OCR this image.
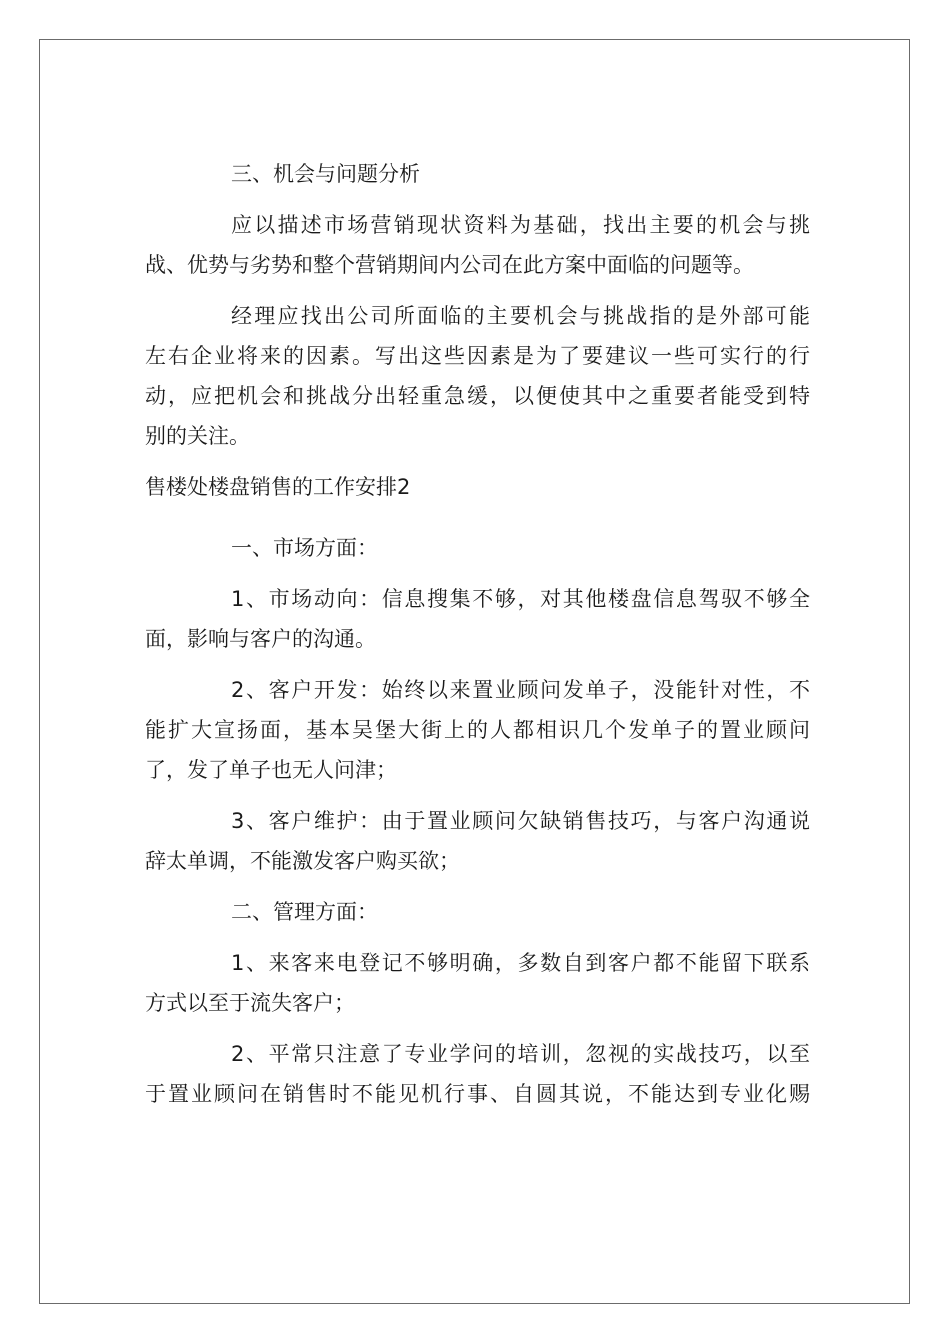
三、机会与问题分析

应以描述市场营销现状资料为基础，找出主要的机会与挑

战、优势与劣势和整个营销期间内公司在此方案中面临的问题等。

经理应找出公司所面临的主要机会与挑战指的是外部可能

左右企业将来的因素。写出这些因素是为了要建议一些可实行的行

动，应把机会和挑战分出轻重急缓，以便使其中之重要者能受到特

别的关注。

售楼处楼盘销售的工作安排2

一、市场方面：

1、市场动向：信息搜集不够，对其他楼盘信息驾驭不够全

面，影响与客户的沟通。

2、客户开发：始终以来置业顾问发单子，没能针对性，不

能扩大宣扬面，基本吴堡大街上的人都相识几个发单子的置业顾问

了，发了单子也无人问津；

3、客户维护：由于置业顾问欠缺销售技巧，与客户沟通说

辞太单调，不能激发客户购买欲；

二、管理方面：

1、来客来电登记不够明确，多数自到客户都不能留下联系

方式以至于流失客户；

2、平常只注意了专业学问的培训，忽视的实战技巧，以至

于置业顾问在销售时不能见机行事、自圆其说，不能达到专业化赐
